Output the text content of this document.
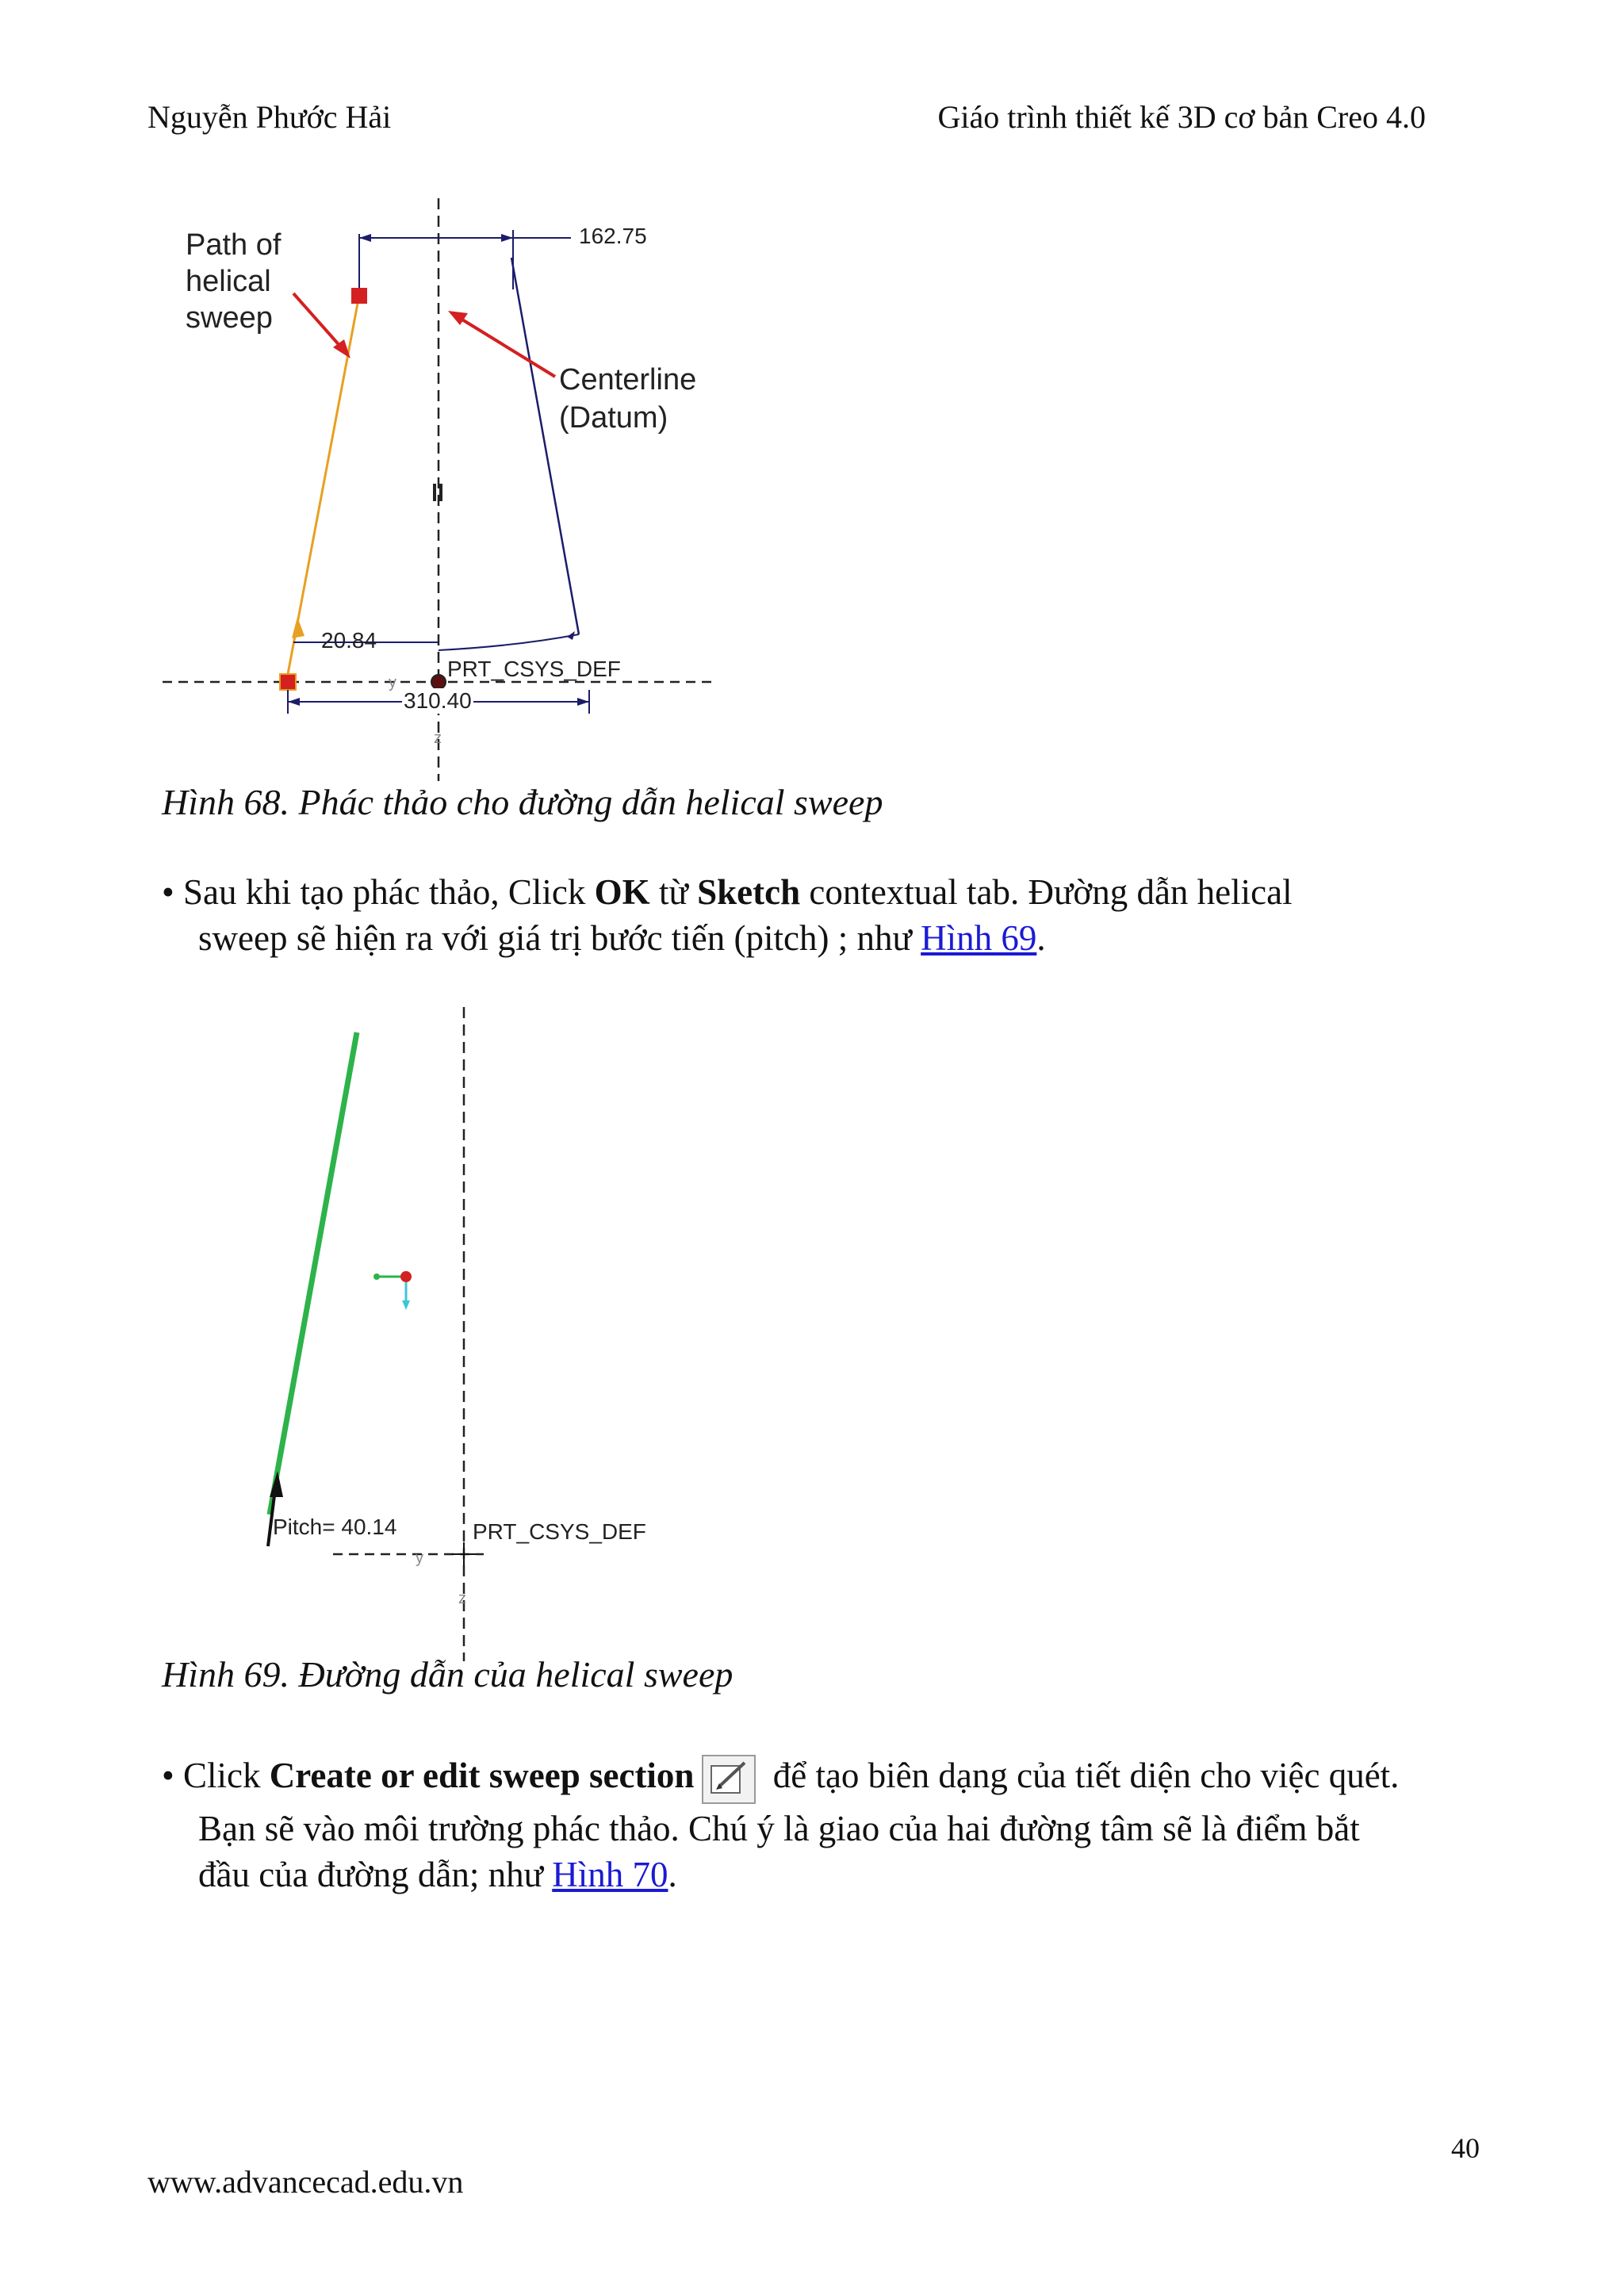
Nguyễn Phước Hải	Giáo trình thiết kế 3D cơ bản Creo 4.0
Path of
helical
sweep
Centerline
(Datum)
162.75
20.84
310.40
PRT_CSYS_DEF
y
z
Hình 68. Phác thảo cho đường dẫn helical sweep
• Sau khi tạo phác thảo, Click OK từ Sketch contextual tab. Đường dẫn helical
sweep sẽ hiện ra với giá trị bước tiến (pitch) ; như Hình 69.
Pitch= 40.14	PRT_CSYS_DEF
y
z
Hình 69. Đường dẫn của helical sweep
• Click Create or edit sweep section để tạo biên dạng của tiết diện cho việc quét.
Bạn sẽ vào môi trường phác thảo. Chú ý là giao của hai đường tâm sẽ là điểm bắt
đầu của đường dẫn; như Hình 70.
40
www.advancecad.edu.vn
